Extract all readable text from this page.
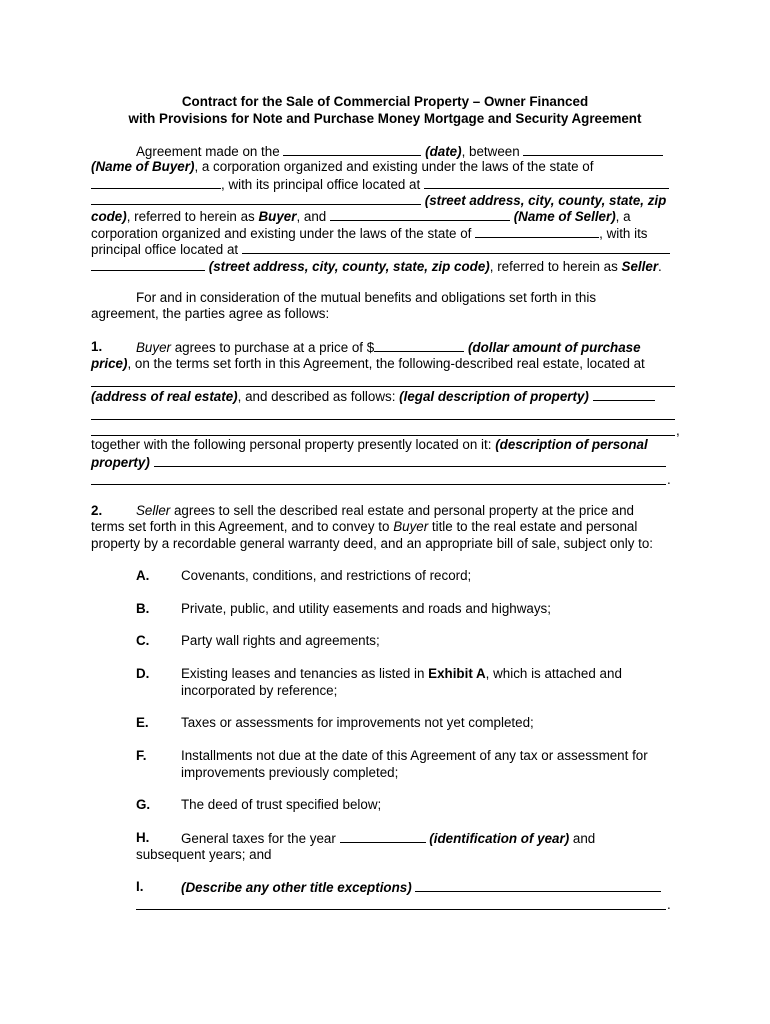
Contract for the Sale of Commercial Property – Owner Financed
with Provisions for Note and Purchase Money Mortgage and Security Agreement
Agreement made on the	(date), between
(Name of Buyer), a corporation organized and existing under the laws of the state of
, with its principal office located at
(street address, city, county, state, zip
code), referred to herein as Buyer, and	(Name of Seller), a
corporation organized and existing under the laws of the state of	, with its
principal office located at
(street address, city, county, state, zip code), referred to herein as Seller.
For and in consideration of the mutual benefits and obligations set forth in this
agreement, the parties agree as follows:
1.	Buyer agrees to purchase at a price of $	(dollar amount of purchase
price), on the terms set forth in this Agreement, the following-described real estate, located at
(address of real estate), and described as follows: (legal description of property)
,
together with the following personal property presently located on it: (description of personal
property)
.
2.	Seller agrees to sell the described real estate and personal property at the price and
terms set forth in this Agreement, and to convey to Buyer title to the real estate and personal
property by a recordable general warranty deed, and an appropriate bill of sale, subject only to:
A. Covenants, conditions, and restrictions of record;
B. Private, public, and utility easements and roads and highways;
C. Party wall rights and agreements;
D. Existing leases and tenancies as listed in Exhibit A, which is attached and
incorporated by reference;
E. Taxes or assessments for improvements not yet completed;
F.	Installments not due at the date of this Agreement of any tax or assessment for
improvements previously completed;
G. The deed of trust specified below;
H. General taxes for the year	(identification of year) and
subsequent years; and
I.	(Describe any other title exceptions)
.
